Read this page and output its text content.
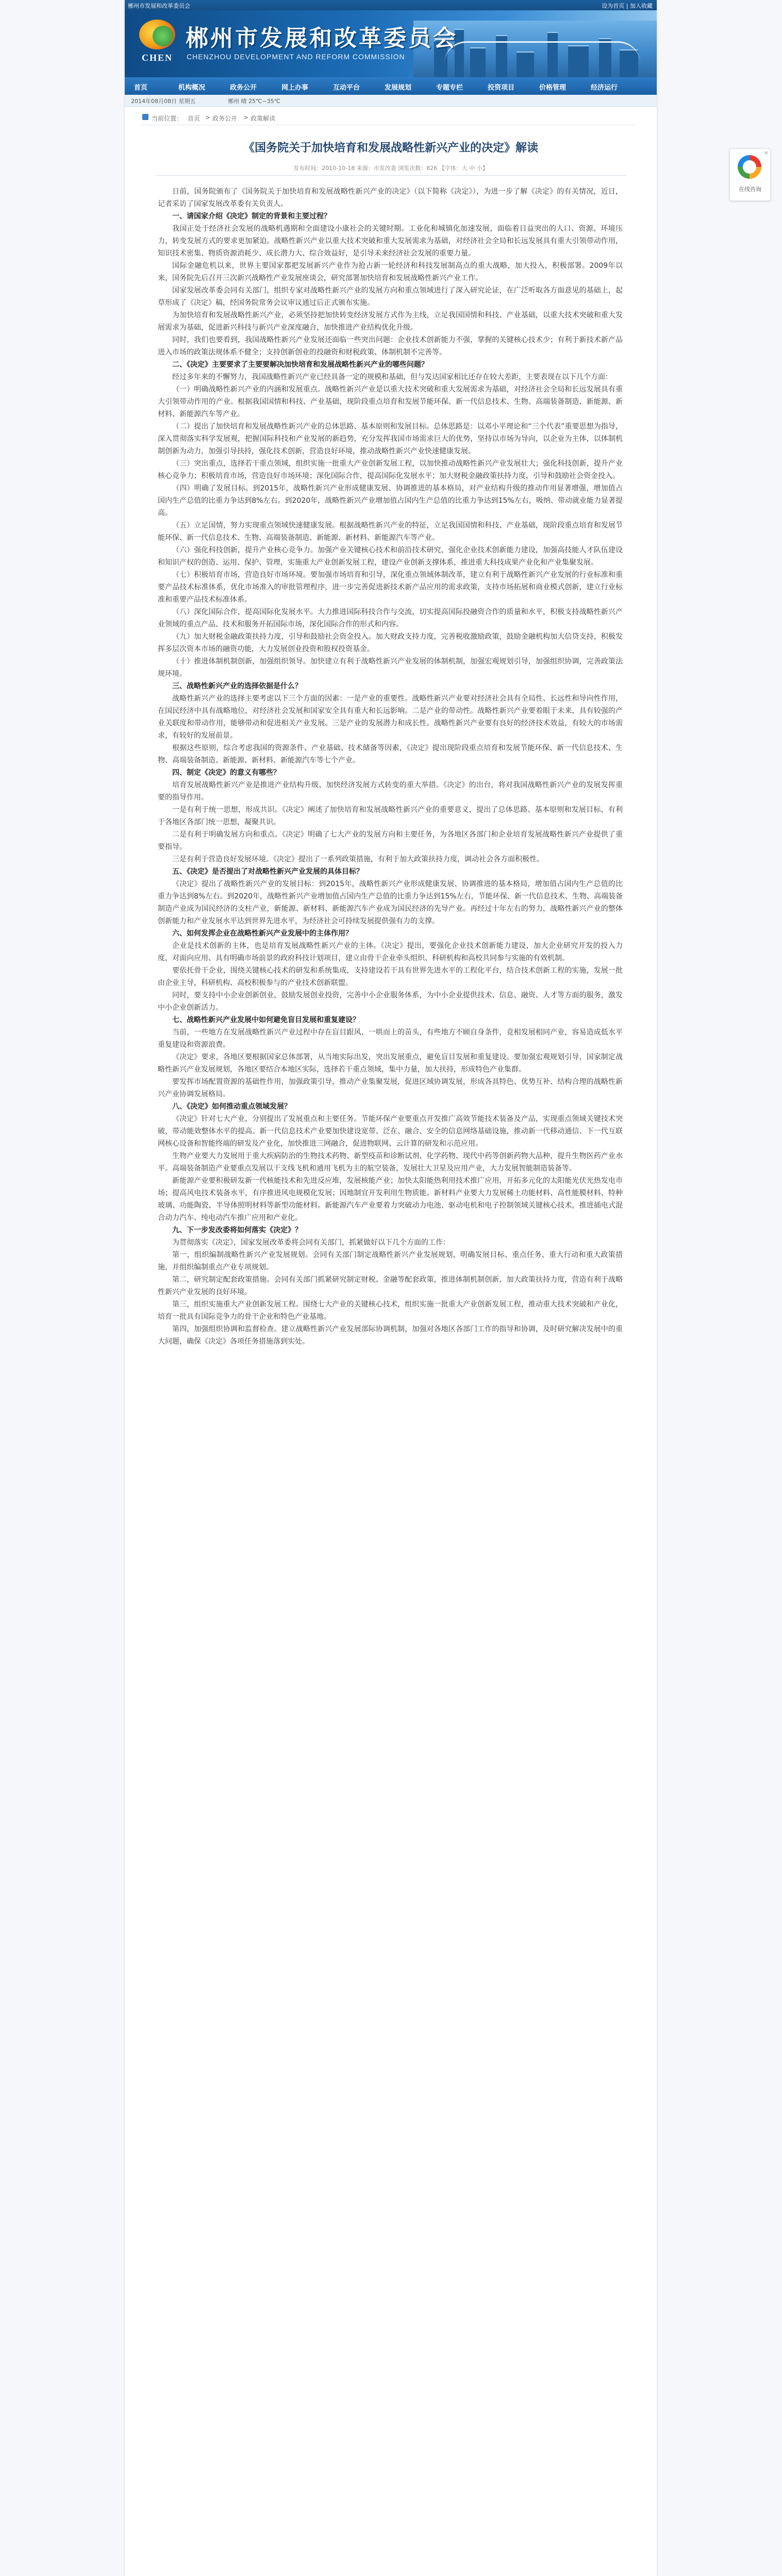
郴州市发展和改革委员会	设为首页 | 加入收藏
CHEN
郴州市发展和改革委员会
CHENZHOU DEVELOPMENT AND REFORM COMMISSION
首页	机构概况	政务公开	网上办事	互动平台	发展规划	专题专栏	投资项目	价格管理	经济运行
2014年08月08日 星期五	郴州 晴 25℃~35℃
当前位置： 首页 > 政务公开 > 政策解读
《国务院关于加快培育和发展战略性新兴产业的决定》解读
发布时间：2010-10-18 来源：市发改委 浏览次数：826 【字体：大 中 小】

日前，国务院颁布了《国务院关于加快培育和发展战略性新兴产业的决定》（以下简称《决定》），为进一步了解《决定》的有关情况，近日，记者采访了国家发展改革委有关负责人。

一、请国家介绍《决定》制定的背景和主要过程？

我国正处于经济社会发展的战略机遇期和全面建设小康社会的关键时期。工业化和城镇化加速发展，面临着日益突出的人口、资源、环境压力，转变发展方式的要求更加紧迫。战略性新兴产业以重大技术突破和重大发展需求为基础，对经济社会全局和长远发展具有重大引领带动作用，知识技术密集、物质资源消耗少、成长潜力大、综合效益好，是引导未来经济社会发展的重要力量。

国际金融危机以来，世界主要国家都把发展新兴产业作为抢占新一轮经济和科技发展制高点的重大战略，加大投入，积极部署。2009年以来，国务院先后召开三次新兴战略性产业发展座谈会，研究部署加快培育和发展战略性新兴产业工作。

国家发展改革委会同有关部门，组织专家对战略性新兴产业的发展方向和重点领域进行了深入研究论证，在广泛听取各方面意见的基础上，起草形成了《决定》稿，经国务院常务会议审议通过后正式颁布实施。

为加快培育和发展战略性新兴产业，必须坚持把加快转变经济发展方式作为主线，立足我国国情和科技、产业基础，以重大技术突破和重大发展需求为基础，促进新兴科技与新兴产业深度融合，加快推进产业结构优化升级。

同时，我们也要看到，我国战略性新兴产业发展还面临一些突出问题：企业技术创新能力不强，掌握的关键核心技术少；有利于新技术新产品进入市场的政策法规体系不健全；支持创新创业的投融资和财税政策、体制机制不完善等。

二、《决定》主要要求了主要要解决加快培育和发展战略性新兴产业的哪些问题？

经过多年来的不懈努力，我国战略性新兴产业已经具备一定的规模和基础，但与发达国家相比还存在较大差距，主要表现在以下几个方面：

（一）明确战略性新兴产业的内涵和发展重点。战略性新兴产业是以重大技术突破和重大发展需求为基础，对经济社会全局和长远发展具有重大引领带动作用的产业。根据我国国情和科技、产业基础，现阶段重点培育和发展节能环保、新一代信息技术、生物、高端装备制造、新能源、新材料、新能源汽车等产业。

（二）提出了加快培育和发展战略性新兴产业的总体思路、基本原则和发展目标。总体思路是：以邓小平理论和“三个代表”重要思想为指导，深入贯彻落实科学发展观，把握国际科技和产业发展的新趋势，充分发挥我国市场需求巨大的优势，坚持以市场为导向，以企业为主体，以体制机制创新为动力，加强引导扶持，强化技术创新，营造良好环境，推动战略性新兴产业快速健康发展。

（三）突出重点，选择若干重点领域，组织实施一批重大产业创新发展工程，以加快推动战略性新兴产业发展壮大；强化科技创新，提升产业核心竞争力；积极培育市场，营造良好市场环境；深化国际合作，提高国际化发展水平；加大财税金融政策扶持力度，引导和鼓励社会资金投入。

（四）明确了发展目标。到2015年，战略性新兴产业形成健康发展、协调推进的基本格局，对产业结构升级的推动作用显著增强，增加值占国内生产总值的比重力争达到8%左右。到2020年，战略性新兴产业增加值占国内生产总值的比重力争达到15%左右，吸纳、带动就业能力显著提高。

（五）立足国情，努力实现重点领域快速健康发展。根据战略性新兴产业的特征，立足我国国情和科技、产业基础，现阶段重点培育和发展节能环保、新一代信息技术、生物、高端装备制造、新能源、新材料、新能源汽车等产业。

（六）强化科技创新，提升产业核心竞争力。加强产业关键核心技术和前沿技术研究，强化企业技术创新能力建设，加强高技能人才队伍建设和知识产权的创造、运用、保护、管理，实施重大产业创新发展工程，建设产业创新支撑体系，推进重大科技成果产业化和产业集聚发展。

（七）积极培育市场，营造良好市场环境。要加强市场培育和引导，深化重点领域体制改革，建立有利于战略性新兴产业发展的行业标准和重要产品技术标准体系，优化市场准入的审批管理程序，进一步完善促进新技术新产品应用的需求政策，支持市场拓展和商业模式创新，建立行业标准和重要产品技术标准体系。

（八）深化国际合作，提高国际化发展水平。大力推进国际科技合作与交流，切实提高国际投融资合作的质量和水平，积极支持战略性新兴产业领域的重点产品、技术和服务开拓国际市场，深化国际合作的形式和内容。

（九）加大财税金融政策扶持力度，引导和鼓励社会资金投入。加大财政支持力度，完善税收激励政策，鼓励金融机构加大信贷支持，积极发挥多层次资本市场的融资功能，大力发展创业投资和股权投资基金。

（十）推进体制机制创新，加强组织领导。加快建立有利于战略性新兴产业发展的体制机制，加强宏观规划引导，加强组织协调，完善政策法规环境。

三、战略性新兴产业的选择依据是什么？

战略性新兴产业的选择主要考虑以下三个方面的因素：一是产业的重要性。战略性新兴产业要对经济社会具有全局性、长远性和导向性作用，在国民经济中具有战略地位，对经济社会发展和国家安全具有重大和长远影响。二是产业的带动性。战略性新兴产业要着眼于未来，具有较强的产业关联度和带动作用，能够带动和促进相关产业发展。三是产业的发展潜力和成长性。战略性新兴产业要有良好的经济技术效益，有较大的市场需求，有较好的发展前景。

根据这些原则，综合考虑我国的资源条件、产业基础、技术储备等因素，《决定》提出现阶段重点培育和发展节能环保、新一代信息技术、生物、高端装备制造、新能源、新材料、新能源汽车等七个产业。

四、制定《决定》的意义有哪些？

培育发展战略性新兴产业是推进产业结构升级、加快经济发展方式转变的重大举措。《决定》的出台，将对我国战略性新兴产业的发展发挥重要的指导作用。

一是有利于统一思想，形成共识。《决定》阐述了加快培育和发展战略性新兴产业的重要意义，提出了总体思路、基本原则和发展目标，有利于各地区各部门统一思想，凝聚共识。

二是有利于明确发展方向和重点。《决定》明确了七大产业的发展方向和主要任务，为各地区各部门和企业培育发展战略性新兴产业提供了重要指导。

三是有利于营造良好发展环境。《决定》提出了一系列政策措施，有利于加大政策扶持力度，调动社会各方面积极性。

五、《决定》是否提出了对战略性新兴产业发展的具体目标？

《决定》提出了战略性新兴产业的发展目标：到2015年，战略性新兴产业形成健康发展、协调推进的基本格局，增加值占国内生产总值的比重力争达到8%左右。到2020年，战略性新兴产业增加值占国内生产总值的比重力争达到15%左右，节能环保、新一代信息技术、生物、高端装备制造产业成为国民经济的支柱产业，新能源、新材料、新能源汽车产业成为国民经济的先导产业。再经过十年左右的努力，战略性新兴产业的整体创新能力和产业发展水平达到世界先进水平，为经济社会可持续发展提供强有力的支撑。

六、如何发挥企业在战略性新兴产业发展中的主体作用？

企业是技术创新的主体，也是培育发展战略性新兴产业的主体。《决定》提出，要强化企业技术创新能力建设，加大企业研究开发的投入力度，对面向应用、具有明确市场前景的政府科技计划项目，建立由骨干企业牵头组织、科研机构和高校共同参与实施的有效机制。

要依托骨干企业，围绕关键核心技术的研发和系统集成，支持建设若干具有世界先进水平的工程化平台，结合技术创新工程的实施，发展一批由企业主导，科研机构、高校积极参与的产业技术创新联盟。

同时，要支持中小企业创新创业，鼓励发展创业投资，完善中小企业服务体系，为中小企业提供技术、信息、融资、人才等方面的服务，激发中小企业创新活力。

七、战略性新兴产业发展中如何避免盲目发展和重复建设？

当前，一些地方在发展战略性新兴产业过程中存在盲目跟风、一哄而上的苗头，有些地方不顾自身条件，竞相发展相同产业，容易造成低水平重复建设和资源浪费。

《决定》要求，各地区要根据国家总体部署，从当地实际出发，突出发展重点，避免盲目发展和重复建设。要加强宏观规划引导，国家制定战略性新兴产业发展规划，各地区要结合本地区实际，选择若干重点领域，集中力量，加大扶持，形成特色产业集群。

要发挥市场配置资源的基础性作用，加强政策引导，推动产业集聚发展，促进区域协调发展，形成各具特色、优势互补、结构合理的战略性新兴产业协调发展格局。

八、《决定》如何推动重点领域发展？

《决定》针对七大产业，分别提出了发展重点和主要任务。节能环保产业要重点开发推广高效节能技术装备及产品，实现重点领域关键技术突破，带动能效整体水平的提高。新一代信息技术产业要加快建设宽带、泛在、融合、安全的信息网络基础设施，推动新一代移动通信、下一代互联网核心设备和智能终端的研发及产业化，加快推进三网融合，促进物联网、云计算的研发和示范应用。

生物产业要大力发展用于重大疾病防治的生物技术药物、新型疫苗和诊断试剂、化学药物、现代中药等创新药物大品种，提升生物医药产业水平。高端装备制造产业要重点发展以干支线飞机和通用飞机为主的航空装备，发展壮大卫星及应用产业，大力发展智能制造装备等。

新能源产业要积极研发新一代核能技术和先进反应堆，发展核能产业；加快太阳能热利用技术推广应用，开拓多元化的太阳能光伏光热发电市场；提高风电技术装备水平，有序推进风电规模化发展；因地制宜开发利用生物质能。新材料产业要大力发展稀土功能材料、高性能膜材料、特种玻璃、功能陶瓷、半导体照明材料等新型功能材料。新能源汽车产业要着力突破动力电池、驱动电机和电子控制领域关键核心技术，推进插电式混合动力汽车、纯电动汽车推广应用和产业化。

九、下一步发改委将如何落实《决定》？

为贯彻落实《决定》，国家发展改革委将会同有关部门，抓紧做好以下几个方面的工作：

第一，组织编制战略性新兴产业发展规划。会同有关部门制定战略性新兴产业发展规划，明确发展目标、重点任务、重大行动和重大政策措施，并组织编制重点产业专项规划。

第二，研究制定配套政策措施。会同有关部门抓紧研究制定财税、金融等配套政策，推进体制机制创新，加大政策扶持力度，营造有利于战略性新兴产业发展的良好环境。

第三，组织实施重大产业创新发展工程。围绕七大产业的关键核心技术，组织实施一批重大产业创新发展工程，推动重大技术突破和产业化，培育一批具有国际竞争力的骨干企业和特色产业基地。

第四，加强组织协调和监督检查。建立战略性新兴产业发展部际协调机制，加强对各地区各部门工作的指导和协调，及时研究解决发展中的重大问题，确保《决定》各项任务措施落到实处。

×
在线咨询
